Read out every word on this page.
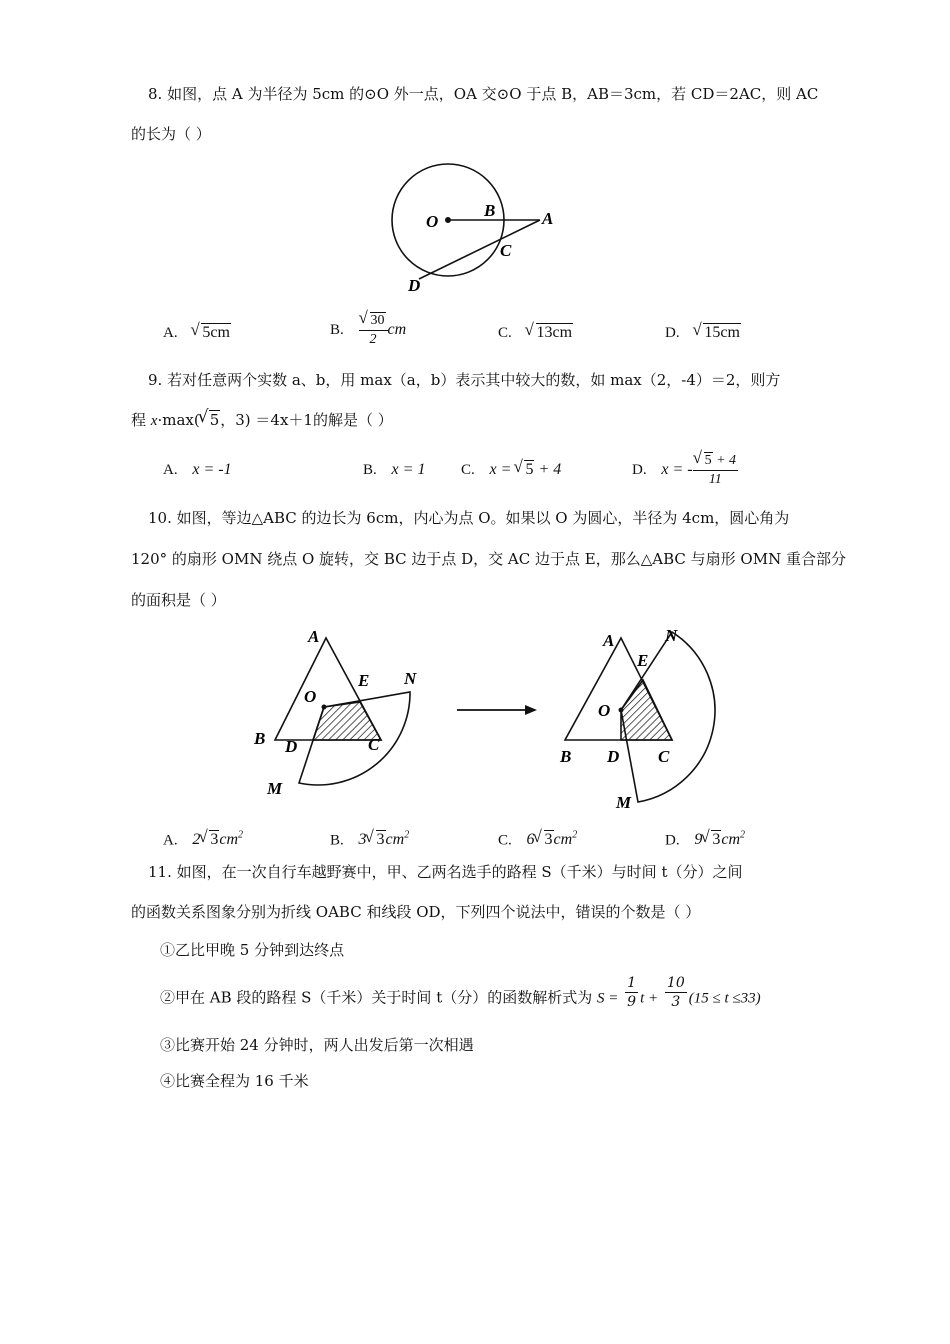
8. 如图，点 A 为半径为 5cm 的⊙O 外一点，OA 交⊙O 于点 B，AB＝3cm，若 CD＝2AC，则 AC
的长为（ ）
O
B	A
C
D
A. √ 5cm	B. √ $\frac{30}{2}$ cm	C. √ 13cm	D. √ 15cm
9. 若对任意两个实数 a、b，用 max（a，b）表示其中较大的数，如 max（2，-4）＝2，则方
程 x·max( √ 5，3) ＝4x＋1的解是（ ）
A. x = -1	B. x = 1 C. x = √ 5 + 4	D. x = - √ $\frac{5 + 4}{11}$
10. 如图，等边△ABC 的边长为 6cm，内心为点 O。如果以 O 为圆心，半径为 4cm，圆心角为
120° 的扇形 OMN 绕点 O 旋转，交 BC 边于点 D，交 AC 边于点 E，那么△ABC 与扇形 OMN 重合部分
的面积是（ ）
A
E N
O
B D	C
M
A
E
N
O
B D C
M
A. 2 √ $3cm^2$	B. 3 √ $3cm^2$	C. 6 √ $3cm^2$	D. 9 √ $3cm^2$
11. 如图，在一次自行车越野赛中，甲、乙两名选手的路程 S（千米）与时间 t（分）之间
的函数关系图象分别为折线 OABC 和线段 OD，下列四个说法中，错误的个数是（ ）
①乙比甲晚 5 分钟到达终点
②甲在 AB 段的路程 S（千米）关于时间 t（分）的函数解析式为 $S = \frac{1}{9}$ $t + \frac{10}{3} (15 \le t \le 33)$
③比赛开始 24 分钟时，两人出发后第一次相遇
④比赛全程为 16 千米
